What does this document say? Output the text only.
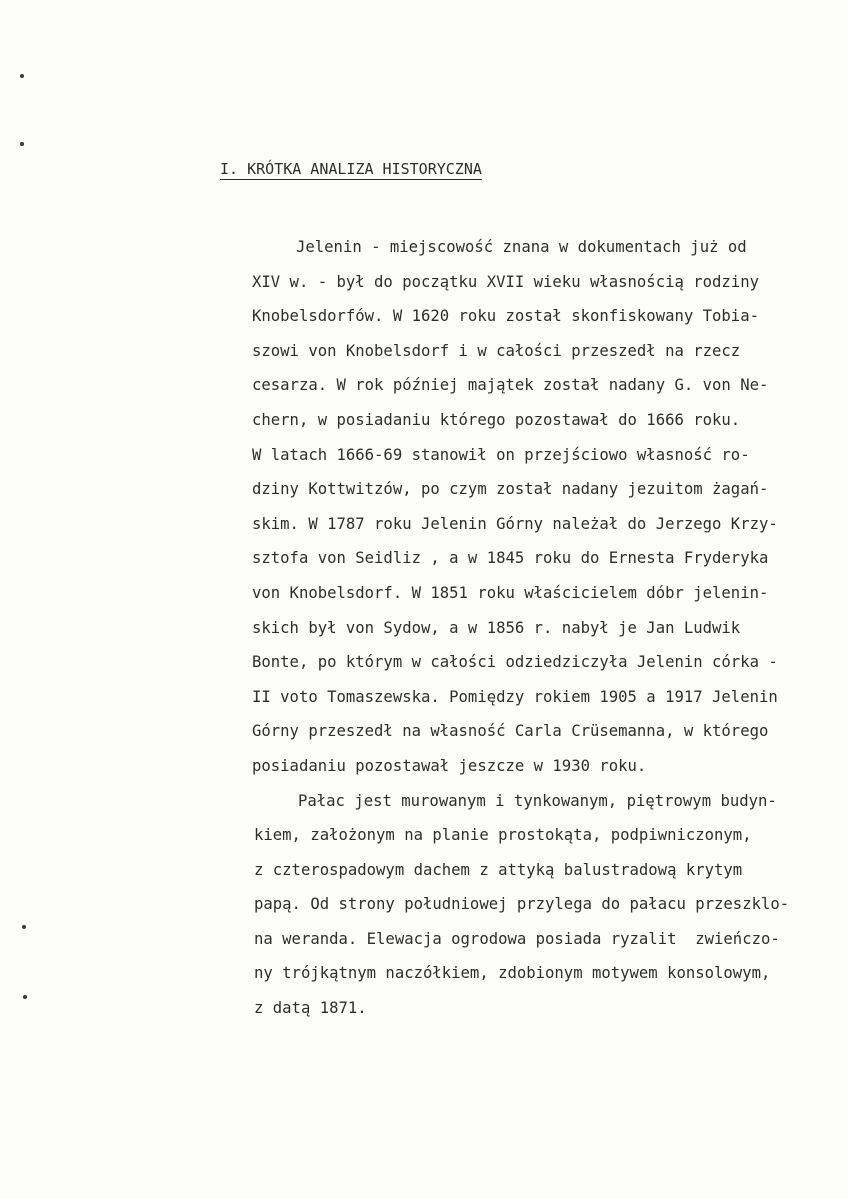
I. KRÓTKA ANALIZA HISTORYCZNA
Jelenin - miejscowość znana w dokumentach już od
XIV w. - był do początku XVII wieku własnością rodziny
Knobelsdorfów. W 1620 roku został skonfiskowany Tobia-
szowi von Knobelsdorf i w całości przeszedł na rzecz
cesarza. W rok później majątek został nadany G. von Ne-
chern, w posiadaniu którego pozostawał do 1666 roku.
W latach 1666-69 stanowił on przejściowo własność ro-
dziny Kottwitzów, po czym został nadany jezuitom żagań-
skim. W 1787 roku Jelenin Górny należał do Jerzego Krzy-
sztofa von Seidliz , a w 1845 roku do Ernesta Fryderyka
von Knobelsdorf. W 1851 roku właścicielem dóbr jelenin-
skich był von Sydow, a w 1856 r. nabył je Jan Ludwik
Bonte, po którym w całości odziedziczyła Jelenin córka -
II voto Tomaszewska. Pomiędzy rokiem 1905 a 1917 Jelenin
Górny przeszedł na własność Carla Crüsemanna, w którego
posiadaniu pozostawał jeszcze w 1930 roku.
Pałac jest murowanym i tynkowanym, piętrowym budyn-
kiem, założonym na planie prostokąta, podpiwniczonym,
z czterospadowym dachem z attyką balustradową krytym
papą. Od strony południowej przylega do pałacu przeszklo-
na weranda. Elewacja ogrodowa posiada ryzalit  zwieńczo-
ny trójkątnym naczółkiem, zdobionym motywem konsolowym,
z datą 1871.
